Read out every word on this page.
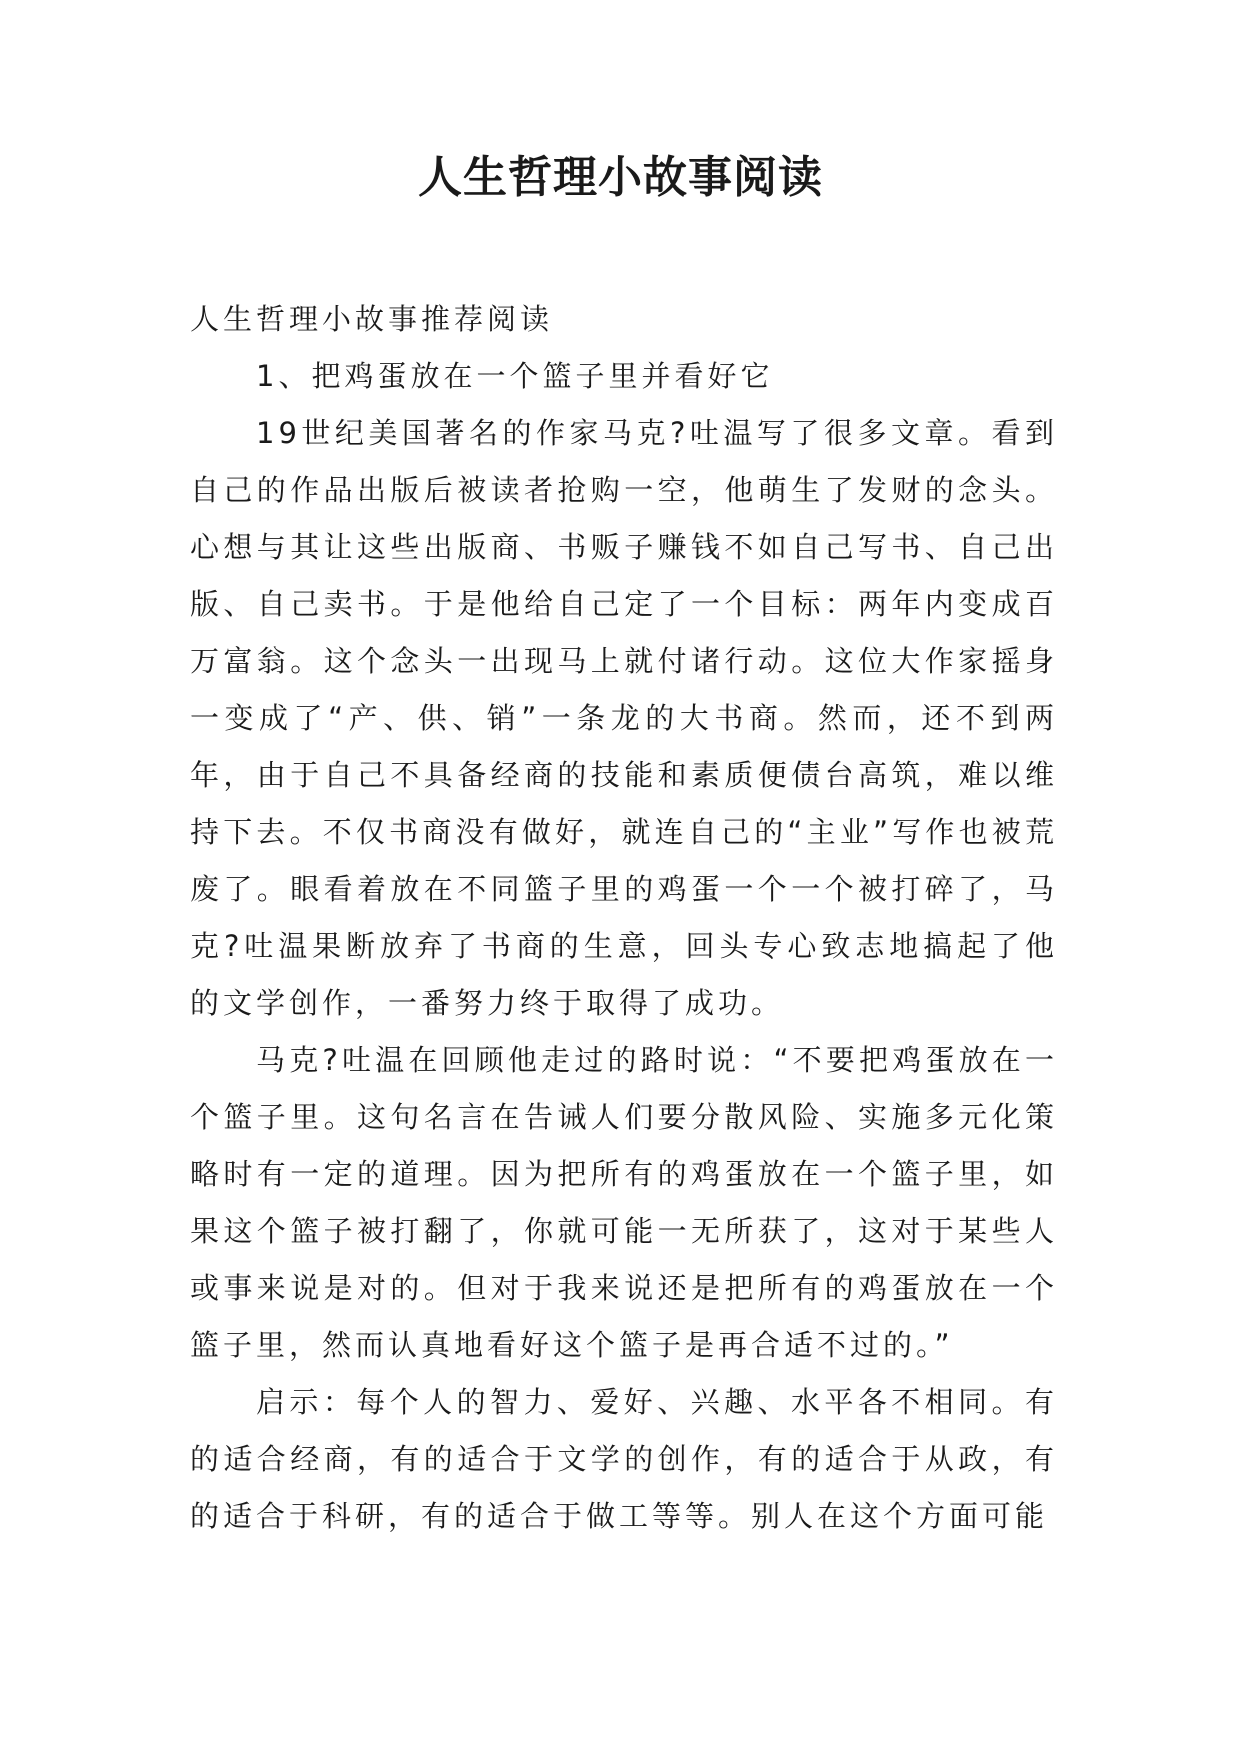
人生哲理小故事阅读

人生哲理小故事推荐阅读

1、把鸡蛋放在一个篮子里并看好它

19世纪美国著名的作家马克?吐温写了很多文章。看到自己的作品出版后被读者抢购一空，他萌生了发财的念头。心想与其让这些出版商、书贩子赚钱不如自己写书、自己出版、自己卖书。于是他给自己定了一个目标：两年内变成百万富翁。这个念头一出现马上就付诸行动。这位大作家摇身一变成了“产、供、销”一条龙的大书商。然而，还不到两年，由于自己不具备经商的技能和素质便债台高筑，难以维持下去。不仅书商没有做好，就连自己的“主业”写作也被荒废了。眼看着放在不同篮子里的鸡蛋一个一个被打碎了，马克?吐温果断放弃了书商的生意，回头专心致志地搞起了他的文学创作，一番努力终于取得了成功。

马克?吐温在回顾他走过的路时说：“不要把鸡蛋放在一个篮子里。这句名言在告诫人们要分散风险、实施多元化策略时有一定的道理。因为把所有的鸡蛋放在一个篮子里，如果这个篮子被打翻了，你就可能一无所获了，这对于某些人或事来说是对的。但对于我来说还是把所有的鸡蛋放在一个篮子里，然而认真地看好这个篮子是再合适不过的。”

启示：每个人的智力、爱好、兴趣、水平各不相同。有的适合经商，有的适合于文学的创作，有的适合于从政，有的适合于科研，有的适合于做工等等。别人在这个方面可能
